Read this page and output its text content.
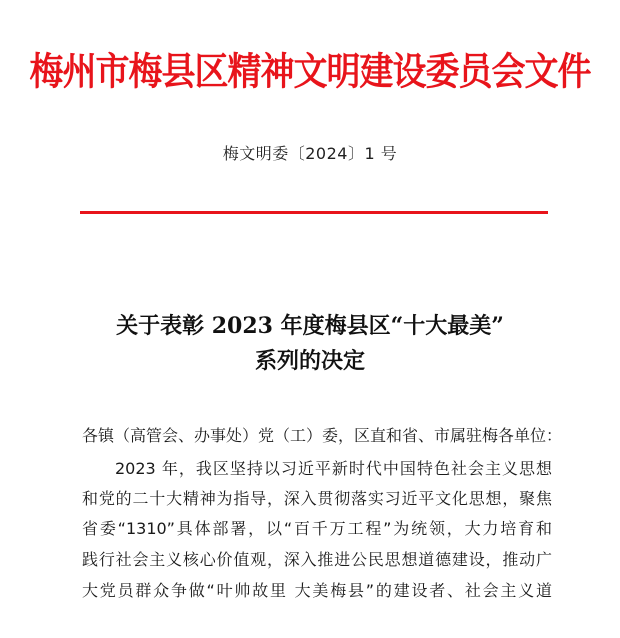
梅州市梅县区精神文明建设委员会文件
梅文明委〔2024〕1 号
关于表彰 2023 年度梅县区“十大最美”
系列的决定
各镇（高管会、办事处）党（工）委，区直和省、市属驻梅各单位：
2023 年，我区坚持以习近平新时代中国特色社会主义思想
和党的二十大精神为指导，深入贯彻落实习近平文化思想，聚焦
省委“1310”具体部署，以“百千万工程”为统领，大力培育和
践行社会主义核心价值观，深入推进公民思想道德建设，推动广
大党员群众争做“叶帅故里 大美梅县”的建设者、社会主义道
